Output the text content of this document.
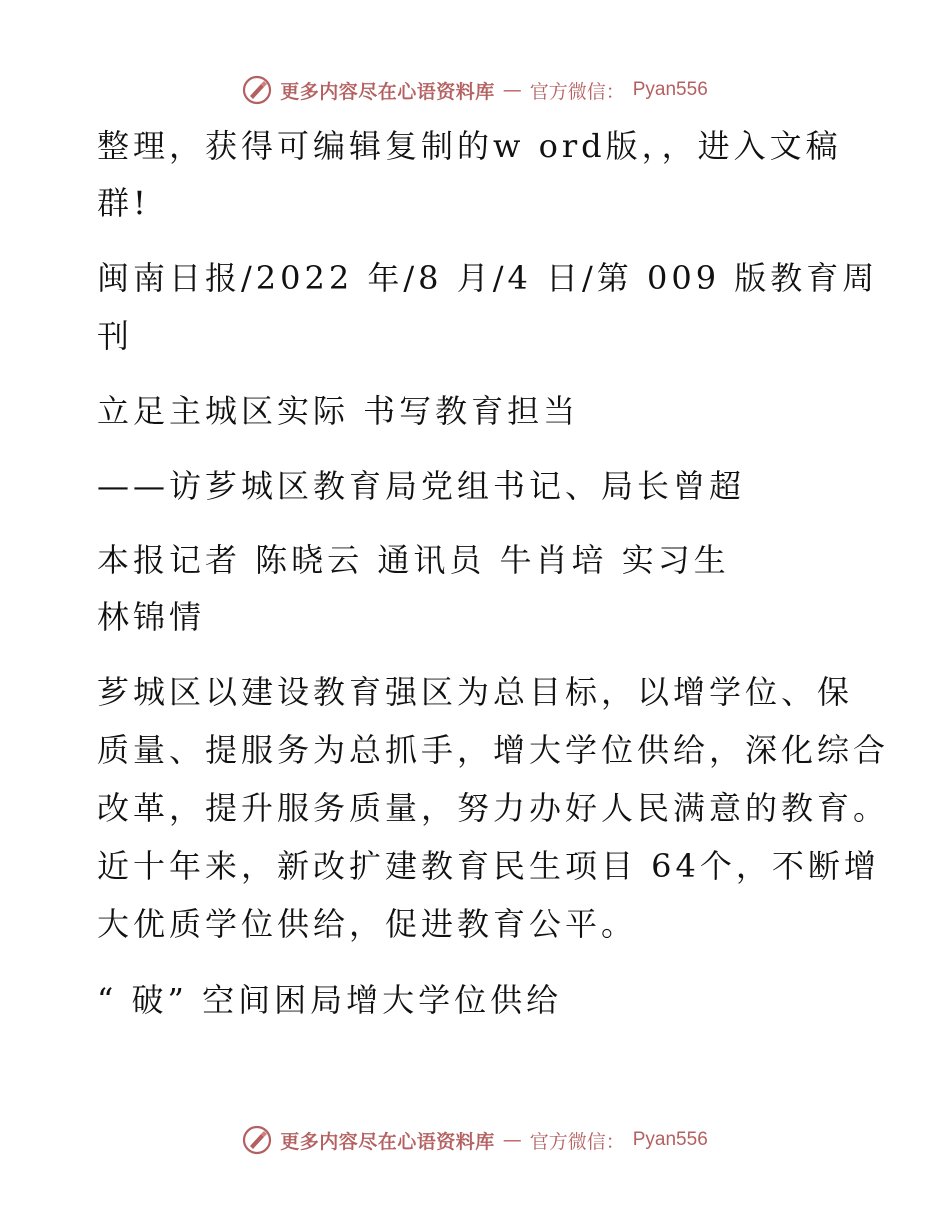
更多内容尽在心语资料库 — 官方微信： Pyan556
整理，获得可编辑复制的w ord版，，进入文稿
群!
闽南日报/2022 年/8 月/4 日/第 009 版教育周
刊
立足主城区实际 书写教育担当
——访芗城区教育局党组书记、局长曾超
本报记者 陈晓云 通讯员 牛肖培 实习生
林锦情
芗城区以建设教育强区为总目标，以增学位、保
质量、提服务为总抓手，增大学位供给，深化综合
改革，提升服务质量，努力办好人民满意的教育。
近十年来，新改扩建教育民生项目 64个，不断增
大优质学位供给，促进教育公平。
“ 破” 空间困局增大学位供给
更多内容尽在心语资料库 — 官方微信： Pyan556
